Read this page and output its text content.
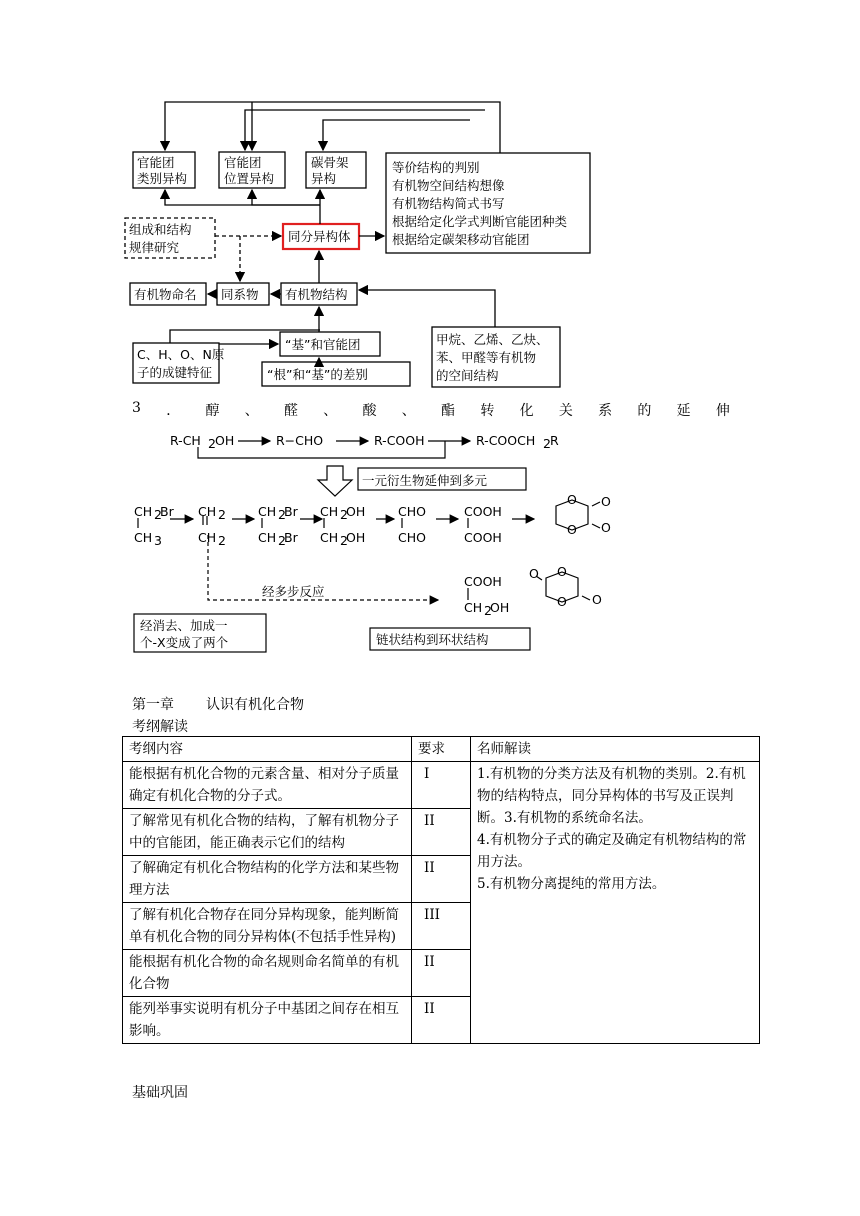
官能团
类别异构
官能团
位置异构
碳骨架
异构
等价结构的判别
有机物空间结构想像
有机物结构简式书写
根据给定化学式判断官能团种类
根据给定碳架移动官能团
组成和结构
规律研究
同分异构体
有机物命名 同系物 有机物结构
“基”和官能团
C、H、O、N原
子的成键特征	“根”和“基”的差别
甲烷、乙烯、乙炔、
苯、甲醛等有机物
的空间结构
3 ． 醇 、 醛 、 酸 、 酯 转 化 关 系 的 延 伸
R-CH 2 OH	R−CHO	R-COOH	R-COOCH 2 R
一元衍生物延伸到多元
CH 2
Br
CH 3
CH 2
CH 2
CH 2
Br
CH 2
Br
CH 2
OH
CH 2
OH
CHO
CHO
COOH
COOH
O
O
O
O
经多步反应
COOH
CH 2
OH
O
O
O
O
经消去、加成一
个-X变成了两个	链状结构到环状结构
第一章 认识有机化合物
考纲解读
考纲内容	要求	名师解读
能根据有机化合物的元素含量、相对分子质量确定有机化合物的分子式。	Ⅰ	1.有机物的分类方法及有机物的类别。2.有机物的结构特点，同分异构体的书写及正误判断。3.有机物的系统命名法。
4.有机物分子式的确定及确定有机物结构的常用方法。
5.有机物分离提纯的常用方法。

了解常见有机化合物的结构，了解有机物分子中的官能团，能正确表示它们的结构	II	
了解确定有机化合物结构的化学方法和某些物理方法	II	
了解有机化合物存在同分异构现象，能判断简单有机化合物的同分异构体(不包括手性异构)	III	
能根据有机化合物的命名规则命名简单的有机化合物	II	
能列举事实说明有机分子中基团之间存在相互影响。	II	
基础巩固
